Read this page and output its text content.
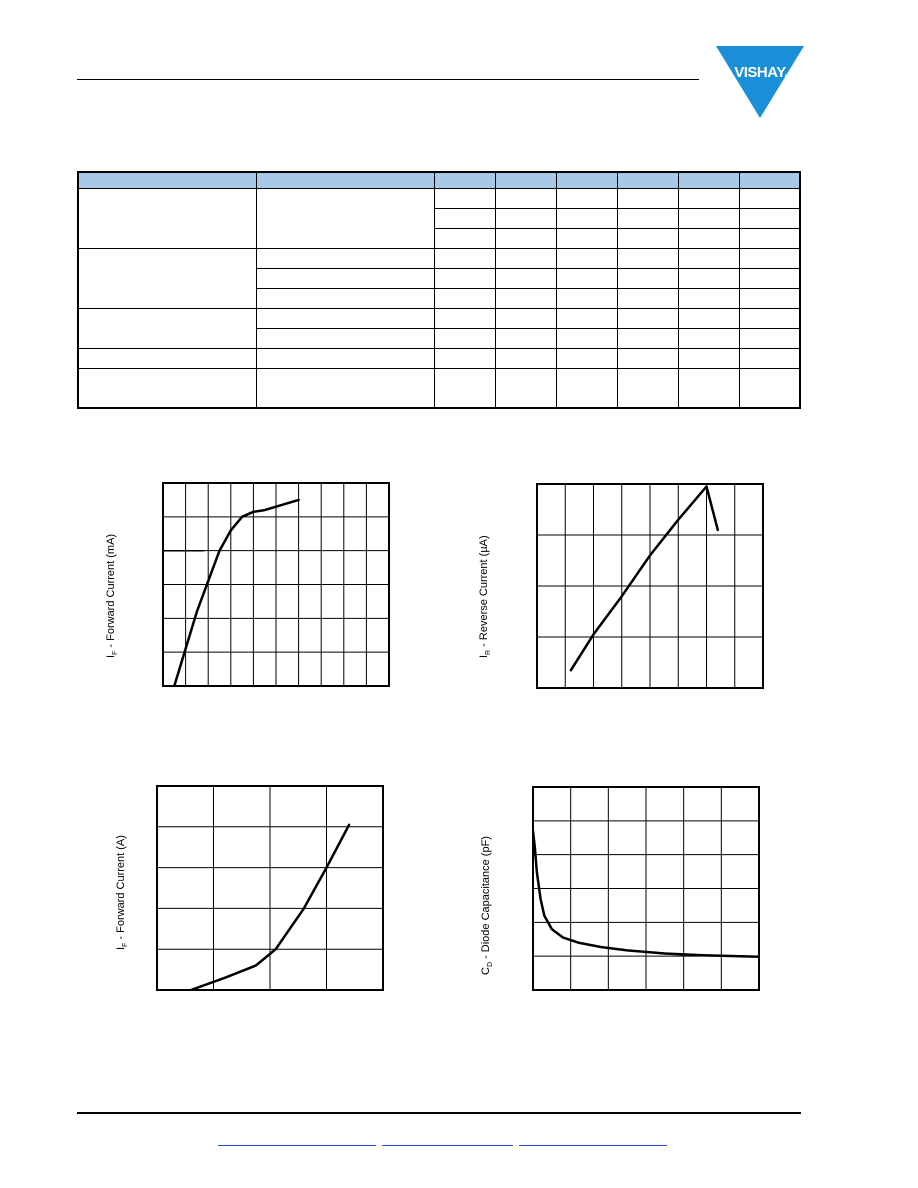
VISHAY.

$I_F$ - Forward Current (mA)
$I_R$ - Reverse Current (µA)
$I_F$ - Forward Current (A)
$C_D$ - Diode Capacitance (pF)
